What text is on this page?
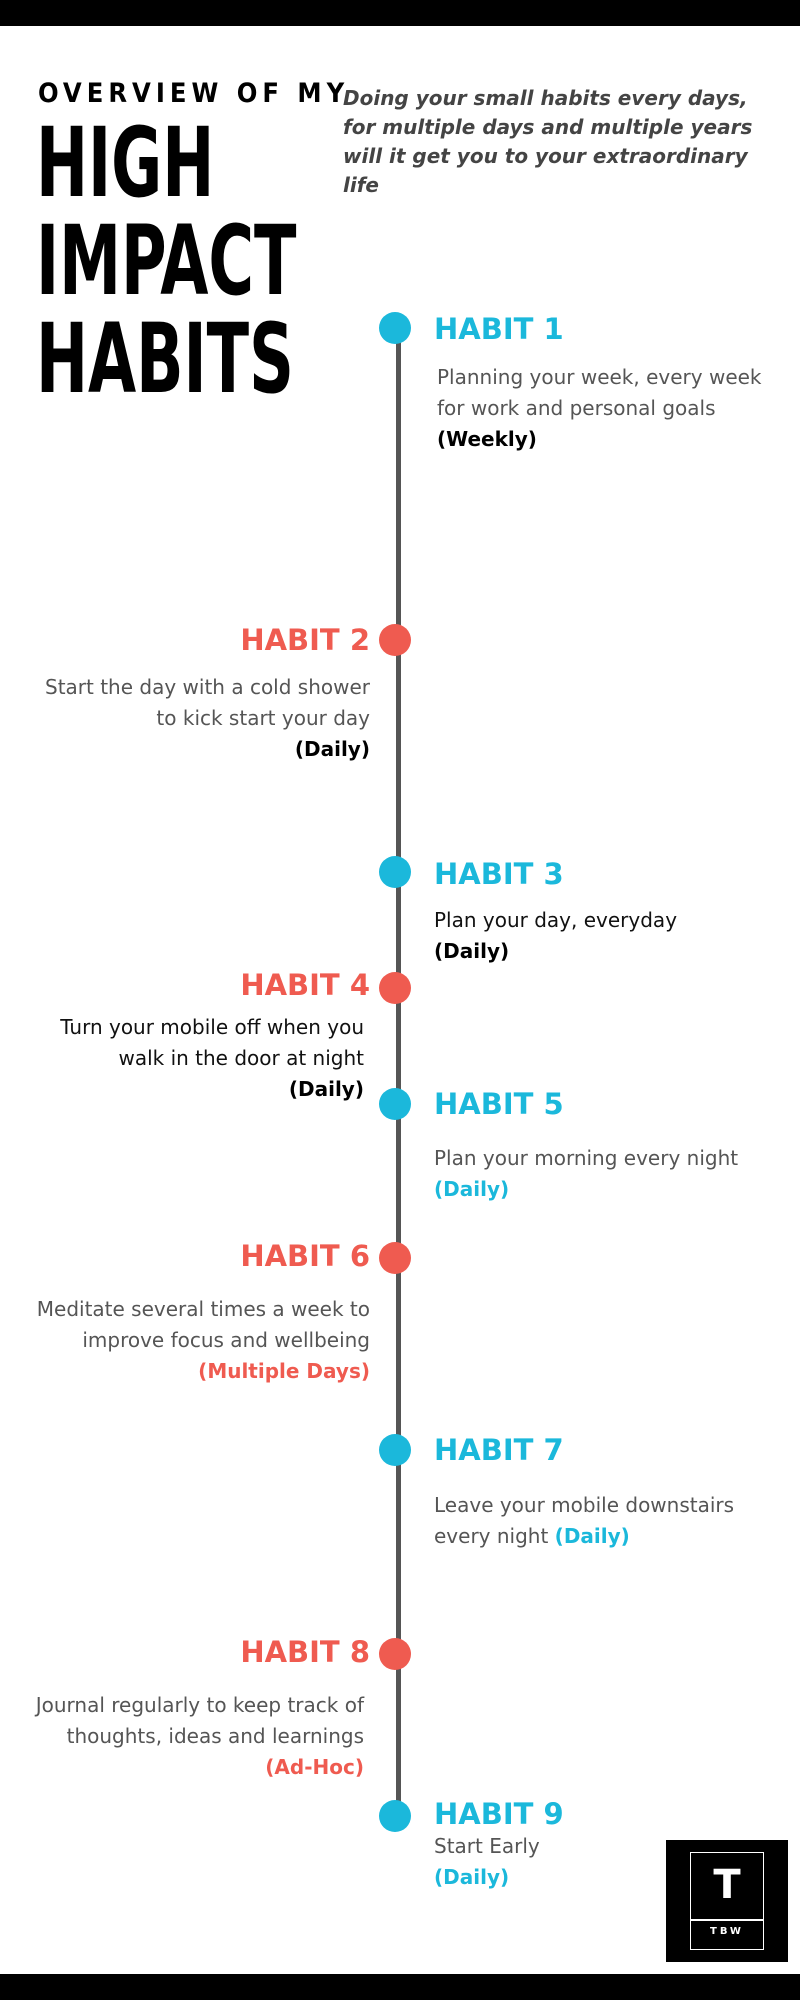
OVERVIEW OF MY
HIGH
IMPACT
HABITS
Doing your small habits every days, for multiple days and multiple years will it get you to your extraordinary life
HABIT 1
Planning your week, every week
for work and personal goals
(Weekly)
HABIT 2
Start the day with a cold shower
to kick start your day
(Daily)
HABIT 3
Plan your day, everyday
(Daily)
HABIT 4
Turn your mobile off when you
walk in the door at night
(Daily) HABIT 5
Plan your morning every night
(Daily)
HABIT 6
Meditate several times a week to
improve focus and wellbeing
(Multiple Days)
HABIT 7
Leave your mobile downstairs
every night (Daily)
HABIT 8
Journal regularly to keep track of
thoughts, ideas and learnings
(Ad-Hoc)
HABIT 9
Start Early
(Daily)	T
TBW
